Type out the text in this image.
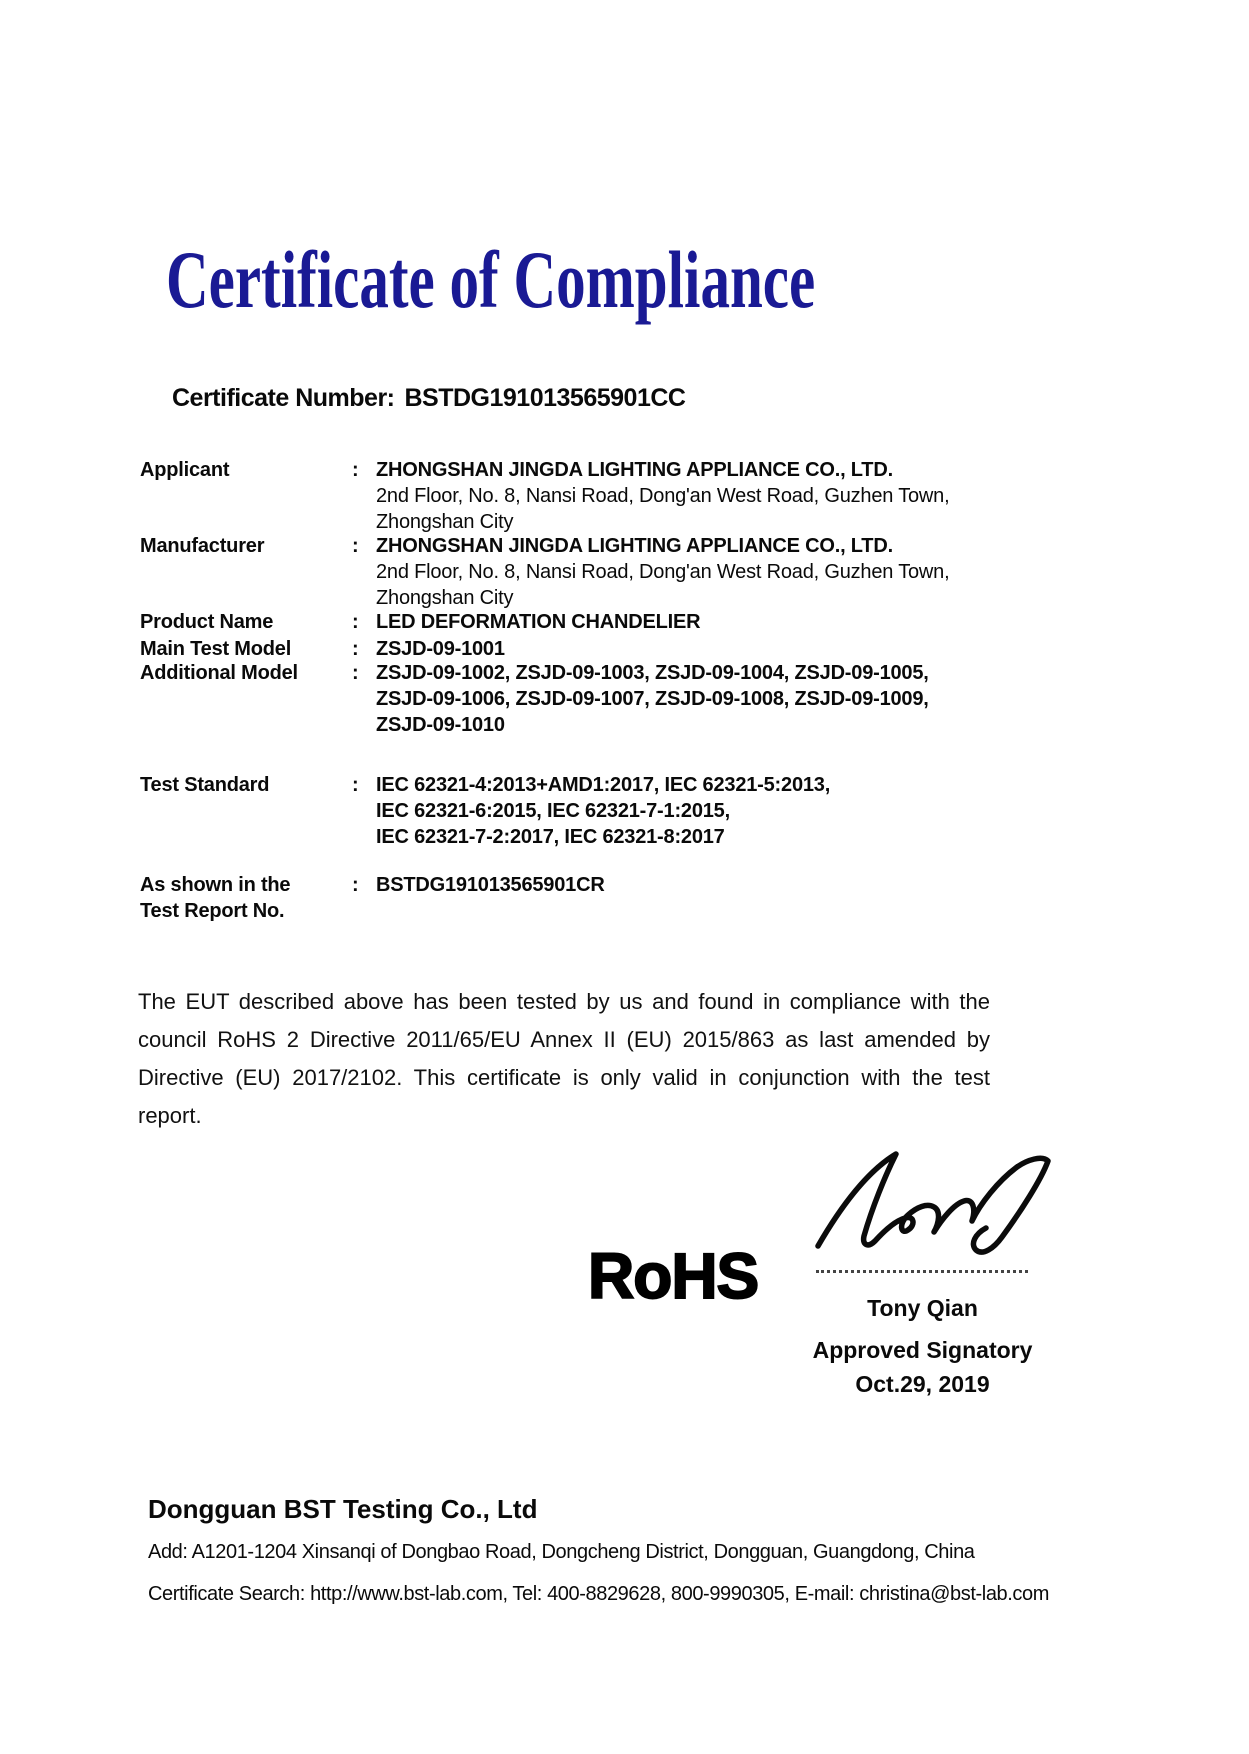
Certificate of Compliance
Certificate Number: BSTDG191013565901CC
Applicant	: ZHONGSHAN JINGDA LIGHTING APPLIANCE CO., LTD.
2nd Floor, No. 8, Nansi Road, Dong'an West Road, Guzhen Town,
Zhongshan City
Manufacturer	: ZHONGSHAN JINGDA LIGHTING APPLIANCE CO., LTD.
2nd Floor, No. 8, Nansi Road, Dong'an West Road, Guzhen Town,
Zhongshan City
Product Name	: LED DEFORMATION CHANDELIER
Main Test Model	: ZSJD-09-1001
Additional Model	: ZSJD-09-1002, ZSJD-09-1003, ZSJD-09-1004, ZSJD-09-1005,
ZSJD-09-1006, ZSJD-09-1007, ZSJD-09-1008, ZSJD-09-1009,
ZSJD-09-1010
Test Standard	: IEC 62321-4:2013+AMD1:2017, IEC 62321-5:2013,
IEC 62321-6:2015, IEC 62321-7-1:2015,
IEC 62321-7-2:2017, IEC 62321-8:2017
As shown in the
Test Report No.
: BSTDG191013565901CR
The EUT described above has been tested by us and found in compliance with the
council RoHS 2 Directive 2011/65/EU Annex II (EU) 2015/863 as last amended by
Directive (EU) 2017/2102. This certificate is only valid in conjunction with the test
report.
RoHS	Tony Qian
Approved Signatory
Oct.29, 2019
Dongguan BST Testing Co., Ltd
Add: A1201-1204 Xinsanqi of Dongbao Road, Dongcheng District, Dongguan, Guangdong, China
Certificate Search: http://www.bst-lab.com, Tel: 400-8829628, 800-9990305, E-mail: christina@bst-lab.com
